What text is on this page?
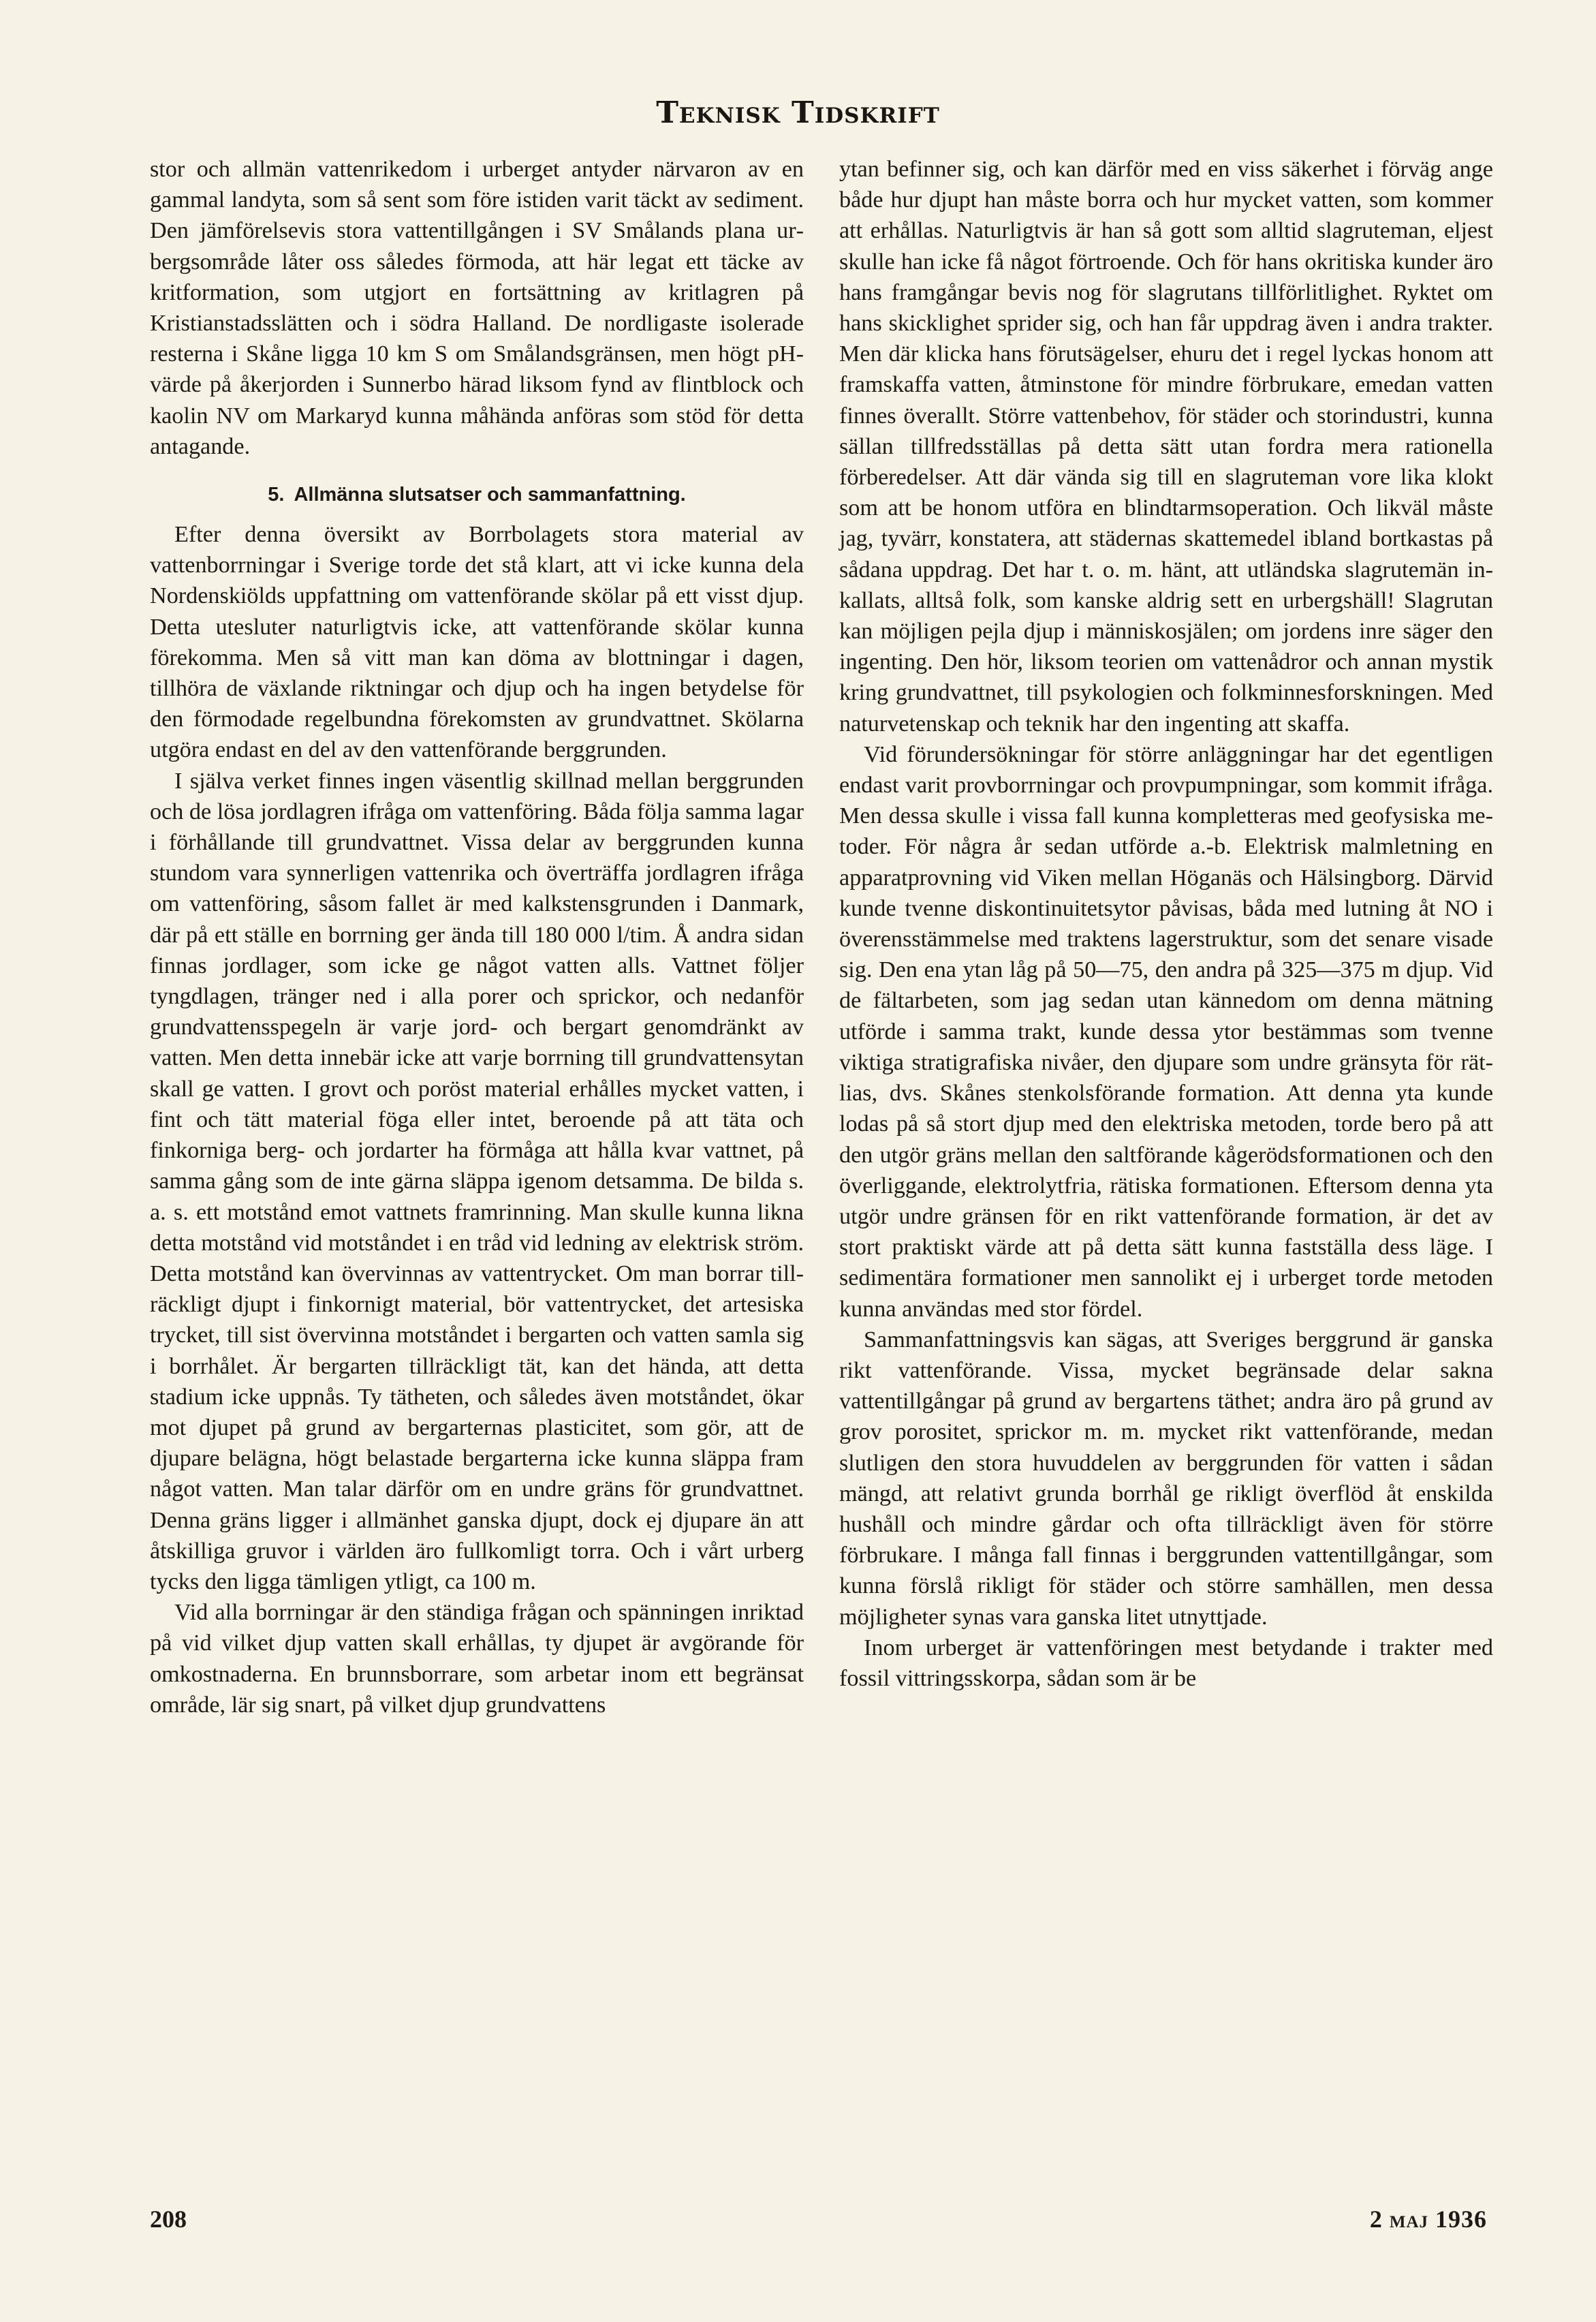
Teknisk Tidskrift

stor och allmän vattenrikedom i urberget antyder närvaron av en gammal landyta, som så sent som före istiden varit täckt av sediment. Den jämförelsevis stora vattentillgången i SV Smålands plana urbergsområde låter oss således förmoda, att här legat ett täcke av kritformation, som utgjort en fortsättning av kritlagren på Kristianstadsslätten och i södra Halland. De nordligaste isolerade resterna i Skåne ligga 10 km S om Smålandsgränsen, men högt pH-värde på åkerjorden i Sunnerbo härad liksom fynd av flintblock och kaolin NV om Markaryd kunna måhända anföras som stöd för detta antagande.

5. Allmänna slutsatser och sammanfattning.

Efter denna översikt av Borrbolagets stora material av vattenborrningar i Sverige torde det stå klart, att vi icke kunna dela Nordenskiölds uppfattning om vattenförande skölar på ett visst djup. Detta utesluter naturligtvis icke, att vattenförande skölar kunna förekomma. Men så vitt man kan döma av blottningar i dagen, tillhöra de växlande riktningar och djup och ha ingen betydelse för den förmodade regelbundna förekomsten av grundvattnet. Skölarna utgöra endast en del av den vattenförande berggrunden.

I själva verket finnes ingen väsentlig skillnad mellan berggrunden och de lösa jordlagren ifråga om vattenföring. Båda följa samma lagar i förhållande till grundvattnet. Vissa delar av berggrunden kunna stundom vara synnerligen vattenrika och överträffa jordlagren ifråga om vattenföring, såsom fallet är med kalkstensgrunden i Danmark, där på ett ställe en borrning ger ända till 180 000 l/tim. Å andra sidan finnas jordlager, som icke ge något vatten alls. Vattnet följer tyngdlagen, tränger ned i alla porer och sprickor, och nedanför grundvattensspegeln är varje jord- och bergart genomdränkt av vatten. Men detta innebär icke att varje borrning till grundvattensytan skall ge vatten. I grovt och poröst material erhålles mycket vatten, i fint och tätt material föga eller intet, beroende på att täta och finkorniga berg- och jordarter ha förmåga att hålla kvar vattnet, på samma gång som de inte gärna släppa igenom detsamma. De bilda s. a. s. ett motstånd emot vattnets framrinning. Man skulle kunna likna detta motstånd vid motståndet i en tråd vid ledning av elektrisk ström. Detta motstånd kan övervinnas av vattentrycket. Om man borrar tillräckligt djupt i finkornigt material, bör vattentrycket, det artesiska trycket, till sist övervinna motståndet i bergarten och vatten samla sig i borrhålet. Är bergarten tillräckligt tät, kan det hända, att detta stadium icke uppnås. Ty tätheten, och således även motståndet, ökar mot djupet på grund av bergarternas plasticitet, som gör, att de djupare belägna, högt belastade bergarterna icke kunna släppa fram något vatten. Man talar därför om en undre gräns för grundvattnet. Denna gräns ligger i allmänhet ganska djupt, dock ej djupare än att åtskilliga gruvor i världen äro fullkomligt torra. Och i vårt urberg tycks den ligga tämligen ytligt, ca 100 m.

Vid alla borrningar är den ständiga frågan och spänningen inriktad på vid vilket djup vatten skall erhållas, ty djupet är avgörande för omkostnaderna. En brunnsborrare, som arbetar inom ett begränsat område, lär sig snart, på vilket djup grundvattens

ytan befinner sig, och kan därför med en viss säkerhet i förväg ange både hur djupt han måste borra och hur mycket vatten, som kommer att erhållas. Naturligtvis är han så gott som alltid slagruteman, eljest skulle han icke få något förtroende. Och för hans okritiska kunder äro hans framgångar bevis nog för slagrutans tillförlitlighet. Ryktet om hans skicklighet sprider sig, och han får uppdrag även i andra trakter. Men där klicka hans förutsägelser, ehuru det i regel lyckas honom att framskaffa vatten, åtminstone för mindre förbrukare, emedan vatten finnes överallt. Större vattenbehov, för städer och storindustri, kunna sällan tillfredsställas på detta sätt utan fordra mera rationella förberedelser. Att där vända sig till en slagruteman vore lika klokt som att be honom utföra en blindtarmsoperation. Och likväl måste jag, tyvärr, konstatera, att städernas skattemedel ibland bortkastas på sådana uppdrag. Det har t. o. m. hänt, att utländska slagrutemän inkallats, alltså folk, som kanske aldrig sett en urbergshäll! Slagrutan kan möjligen pejla djup i människosjälen; om jordens inre säger den ingenting. Den hör, liksom teorien om vattenådror och annan mystik kring grundvattnet, till psykologien och folkminnesforskningen. Med naturvetenskap och teknik har den ingenting att skaffa.

Vid förundersökningar för större anläggningar har det egentligen endast varit provborrningar och provpumpningar, som kommit ifråga. Men dessa skulle i vissa fall kunna kompletteras med geofysiska metoder. För några år sedan utförde a.-b. Elektrisk malmletning en apparatprovning vid Viken mellan Höganäs och Hälsingborg. Därvid kunde tvenne diskontinuitetsytor påvisas, båda med lutning åt NO i överensstämmelse med traktens lagerstruktur, som det senare visade sig. Den ena ytan låg på 50—75, den andra på 325—375 m djup. Vid de fältarbeten, som jag sedan utan kännedom om denna mätning utförde i samma trakt, kunde dessa ytor bestämmas som tvenne viktiga stratigrafiska nivåer, den djupare som undre gränsyta för rät-lias, dvs. Skånes stenkolsförande formation. Att denna yta kunde lodas på så stort djup med den elektriska metoden, torde bero på att den utgör gräns mellan den saltförande kågerödsformationen och den överliggande, elektrolytfria, rätiska formationen. Eftersom denna yta utgör undre gränsen för en rikt vattenförande formation, är det av stort praktiskt värde att på detta sätt kunna fastställa dess läge. I sedimentära formationer men sannolikt ej i urberget torde metoden kunna användas med stor fördel.

Sammanfattningsvis kan sägas, att Sveriges berggrund är ganska rikt vattenförande. Vissa, mycket begränsade delar sakna vattentillgångar på grund av bergartens täthet; andra äro på grund av grov porositet, sprickor m. m. mycket rikt vattenförande, medan slutligen den stora huvuddelen av berggrunden för vatten i sådan mängd, att relativt grunda borrhål ge rikligt överflöd åt enskilda hushåll och mindre gårdar och ofta tillräckligt även för större förbrukare. I många fall finnas i berggrunden vattentillgångar, som kunna förslå rikligt för städer och större samhällen, men dessa möjligheter synas vara ganska litet utnyttjade.

Inom urberget är vattenföringen mest betydande i trakter med fossil vittringsskorpa, sådan som är be

208	2 maj 1936
